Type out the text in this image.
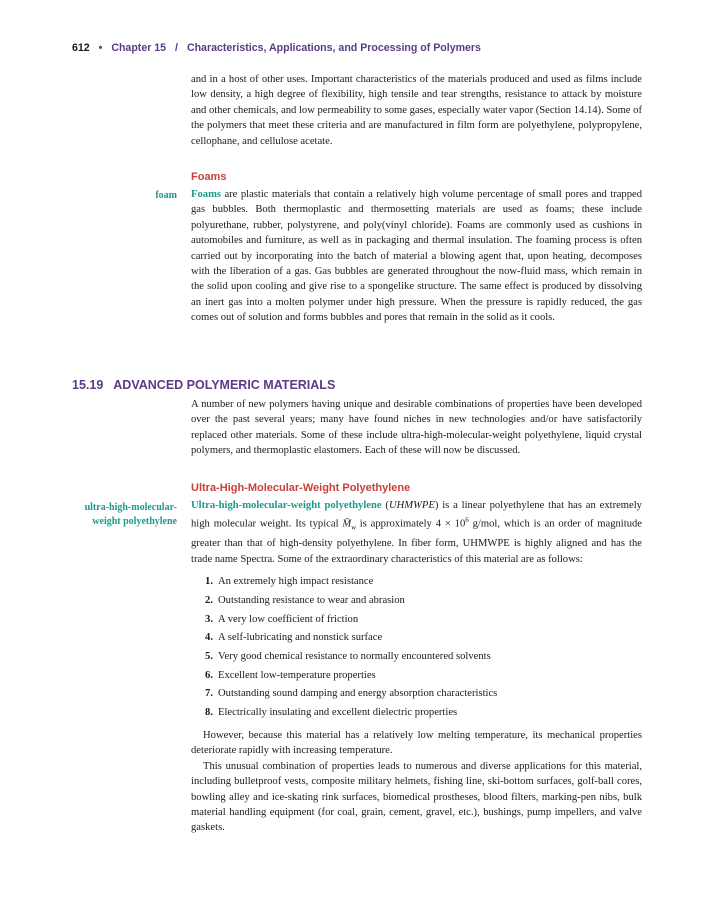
612 • Chapter 15 / Characteristics, Applications, and Processing of Polymers

and in a host of other uses. Important characteristics of the materials produced and used as films include low density, a high degree of flexibility, high tensile and tear strengths, resistance to attack by moisture and other chemicals, and low permeability to some gases, especially water vapor (Section 14.14). Some of the polymers that meet these criteria and are manufactured in film form are polyethylene, polypropylene, cellophane, and cellulose acetate.

Foams

Foams are plastic materials that contain a relatively high volume percentage of small pores and trapped gas bubbles. Both thermoplastic and thermosetting materials are used as foams; these include polyurethane, rubber, polystyrene, and poly(vinyl chloride). Foams are commonly used as cushions in automobiles and furniture, as well as in packaging and thermal insulation. The foaming process is often carried out by incorporating into the batch of material a blowing agent that, upon heating, decomposes with the liberation of a gas. Gas bubbles are generated throughout the now-fluid mass, which remain in the solid upon cooling and give rise to a spongelike structure. The same effect is produced by dissolving an inert gas into a molten polymer under high pressure. When the pressure is rapidly reduced, the gas comes out of solution and forms bubbles and pores that remain in the solid as it cools.

foam
15.19 ADVANCED POLYMERIC MATERIALS

A number of new polymers having unique and desirable combinations of properties have been developed over the past several years; many have found niches in new technologies and/or have satisfactorily replaced other materials. Some of these include ultra-high-molecular-weight polyethylene, liquid crystal polymers, and thermoplastic elastomers. Each of these will now be discussed.

Ultra-High-Molecular-Weight Polyethylene

Ultra-high-molecular-weight polyethylene (UHMWPE) is a linear polyethylene that has an extremely high molecular weight. Its typical $M̄_w$ is approximately $4 \times 10^6$ g/mol, which is an order of magnitude greater than that of high-density polyethylene. In fiber form, UHMWPE is highly aligned and has the trade name Spectra. Some of the extraordinary characteristics of this material are as follows:

1. An extremely high impact resistance
2. Outstanding resistance to wear and abrasion
3. A very low coefficient of friction
4. A self-lubricating and nonstick surface
5. Very good chemical resistance to normally encountered solvents
6. Excellent low-temperature properties
7. Outstanding sound damping and energy absorption characteristics
8. Electrically insulating and excellent dielectric properties

However, because this material has a relatively low melting temperature, its mechanical properties deteriorate rapidly with increasing temperature.

This unusual combination of properties leads to numerous and diverse applications for this material, including bulletproof vests, composite military helmets, fishing line, ski-bottom surfaces, golf-ball cores, bowling alley and ice-skating rink surfaces, biomedical prostheses, blood filters, marking-pen nibs, bulk material handling equipment (for coal, grain, cement, gravel, etc.), bushings, pump impellers, and valve gaskets.

ultra-high-molecular-
weight polyethylene
